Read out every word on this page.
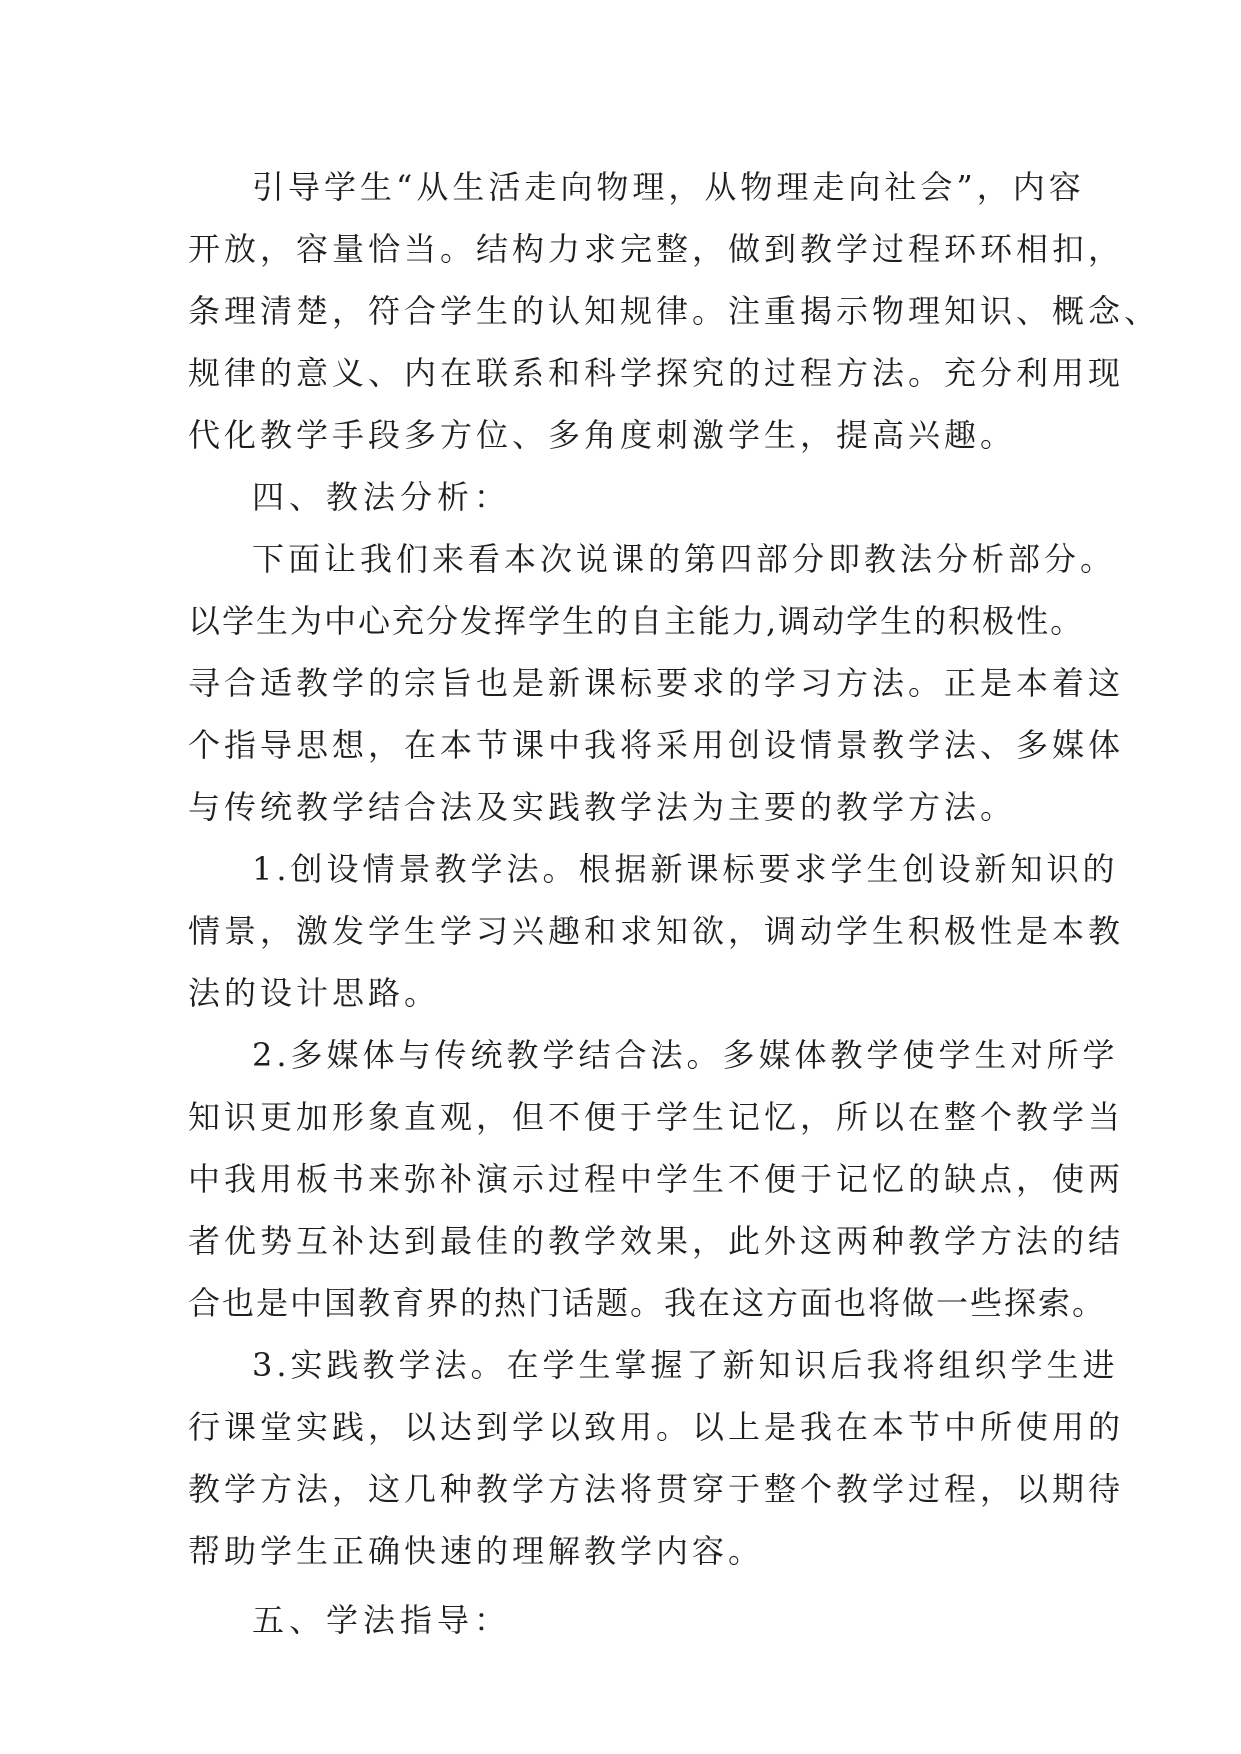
引导学生“从生活走向物理，从物理走向社会”，内容
开放，容量恰当。结构力求完整，做到教学过程环环相扣，
条理清楚，符合学生的认知规律。注重揭示物理知识、概念、
规律的意义、内在联系和科学探究的过程方法。充分利用现
代化教学手段多方位、多角度刺激学生，提高兴趣。
四、教法分析：
下面让我们来看本次说课的第四部分即教法分析部分。
以学生为中心充分发挥学生的自主能力,调动学生的积极性。
寻合适教学的宗旨也是新课标要求的学习方法。正是本着这
个指导思想，在本节课中我将采用创设情景教学法、多媒体
与传统教学结合法及实践教学法为主要的教学方法。
1.创设情景教学法。根据新课标要求学生创设新知识的
情景，激发学生学习兴趣和求知欲，调动学生积极性是本教
法的设计思路。
2.多媒体与传统教学结合法。多媒体教学使学生对所学
知识更加形象直观，但不便于学生记忆，所以在整个教学当
中我用板书来弥补演示过程中学生不便于记忆的缺点，使两
者优势互补达到最佳的教学效果，此外这两种教学方法的结
合也是中国教育界的热门话题。我在这方面也将做一些探索。
3.实践教学法。在学生掌握了新知识后我将组织学生进
行课堂实践，以达到学以致用。以上是我在本节中所使用的
教学方法，这几种教学方法将贯穿于整个教学过程，以期待
帮助学生正确快速的理解教学内容。
五、学法指导：
